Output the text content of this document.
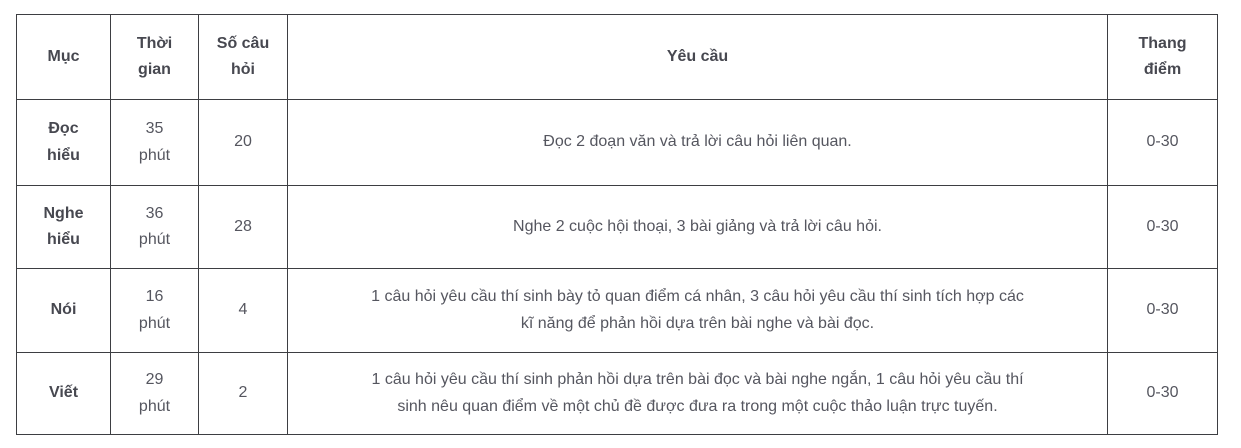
Mục	Thời gian	Số câu hỏi	Yêu cầu	Thang điểm

Đọc hiểu	35 phút	20	Đọc 2 đoạn văn và trả lời câu hỏi liên quan.	0-30

Nghe hiểu	36 phút	28	Nghe 2 cuộc hội thoại, 3 bài giảng và trả lời câu hỏi.	0-30

Nói	16 phút	4	1 câu hỏi yêu cầu thí sinh bày tỏ quan điểm cá nhân, 3 câu hỏi yêu cầu thí sinh tích hợp các kĩ năng để phản hồi dựa trên bài nghe và bài đọc.	0-30

Viết	29 phút	2	1 câu hỏi yêu cầu thí sinh phản hồi dựa trên bài đọc và bài nghe ngắn, 1 câu hỏi yêu cầu thí sinh nêu quan điểm về một chủ đề được đưa ra trong một cuộc thảo luận trực tuyến.	0-30
